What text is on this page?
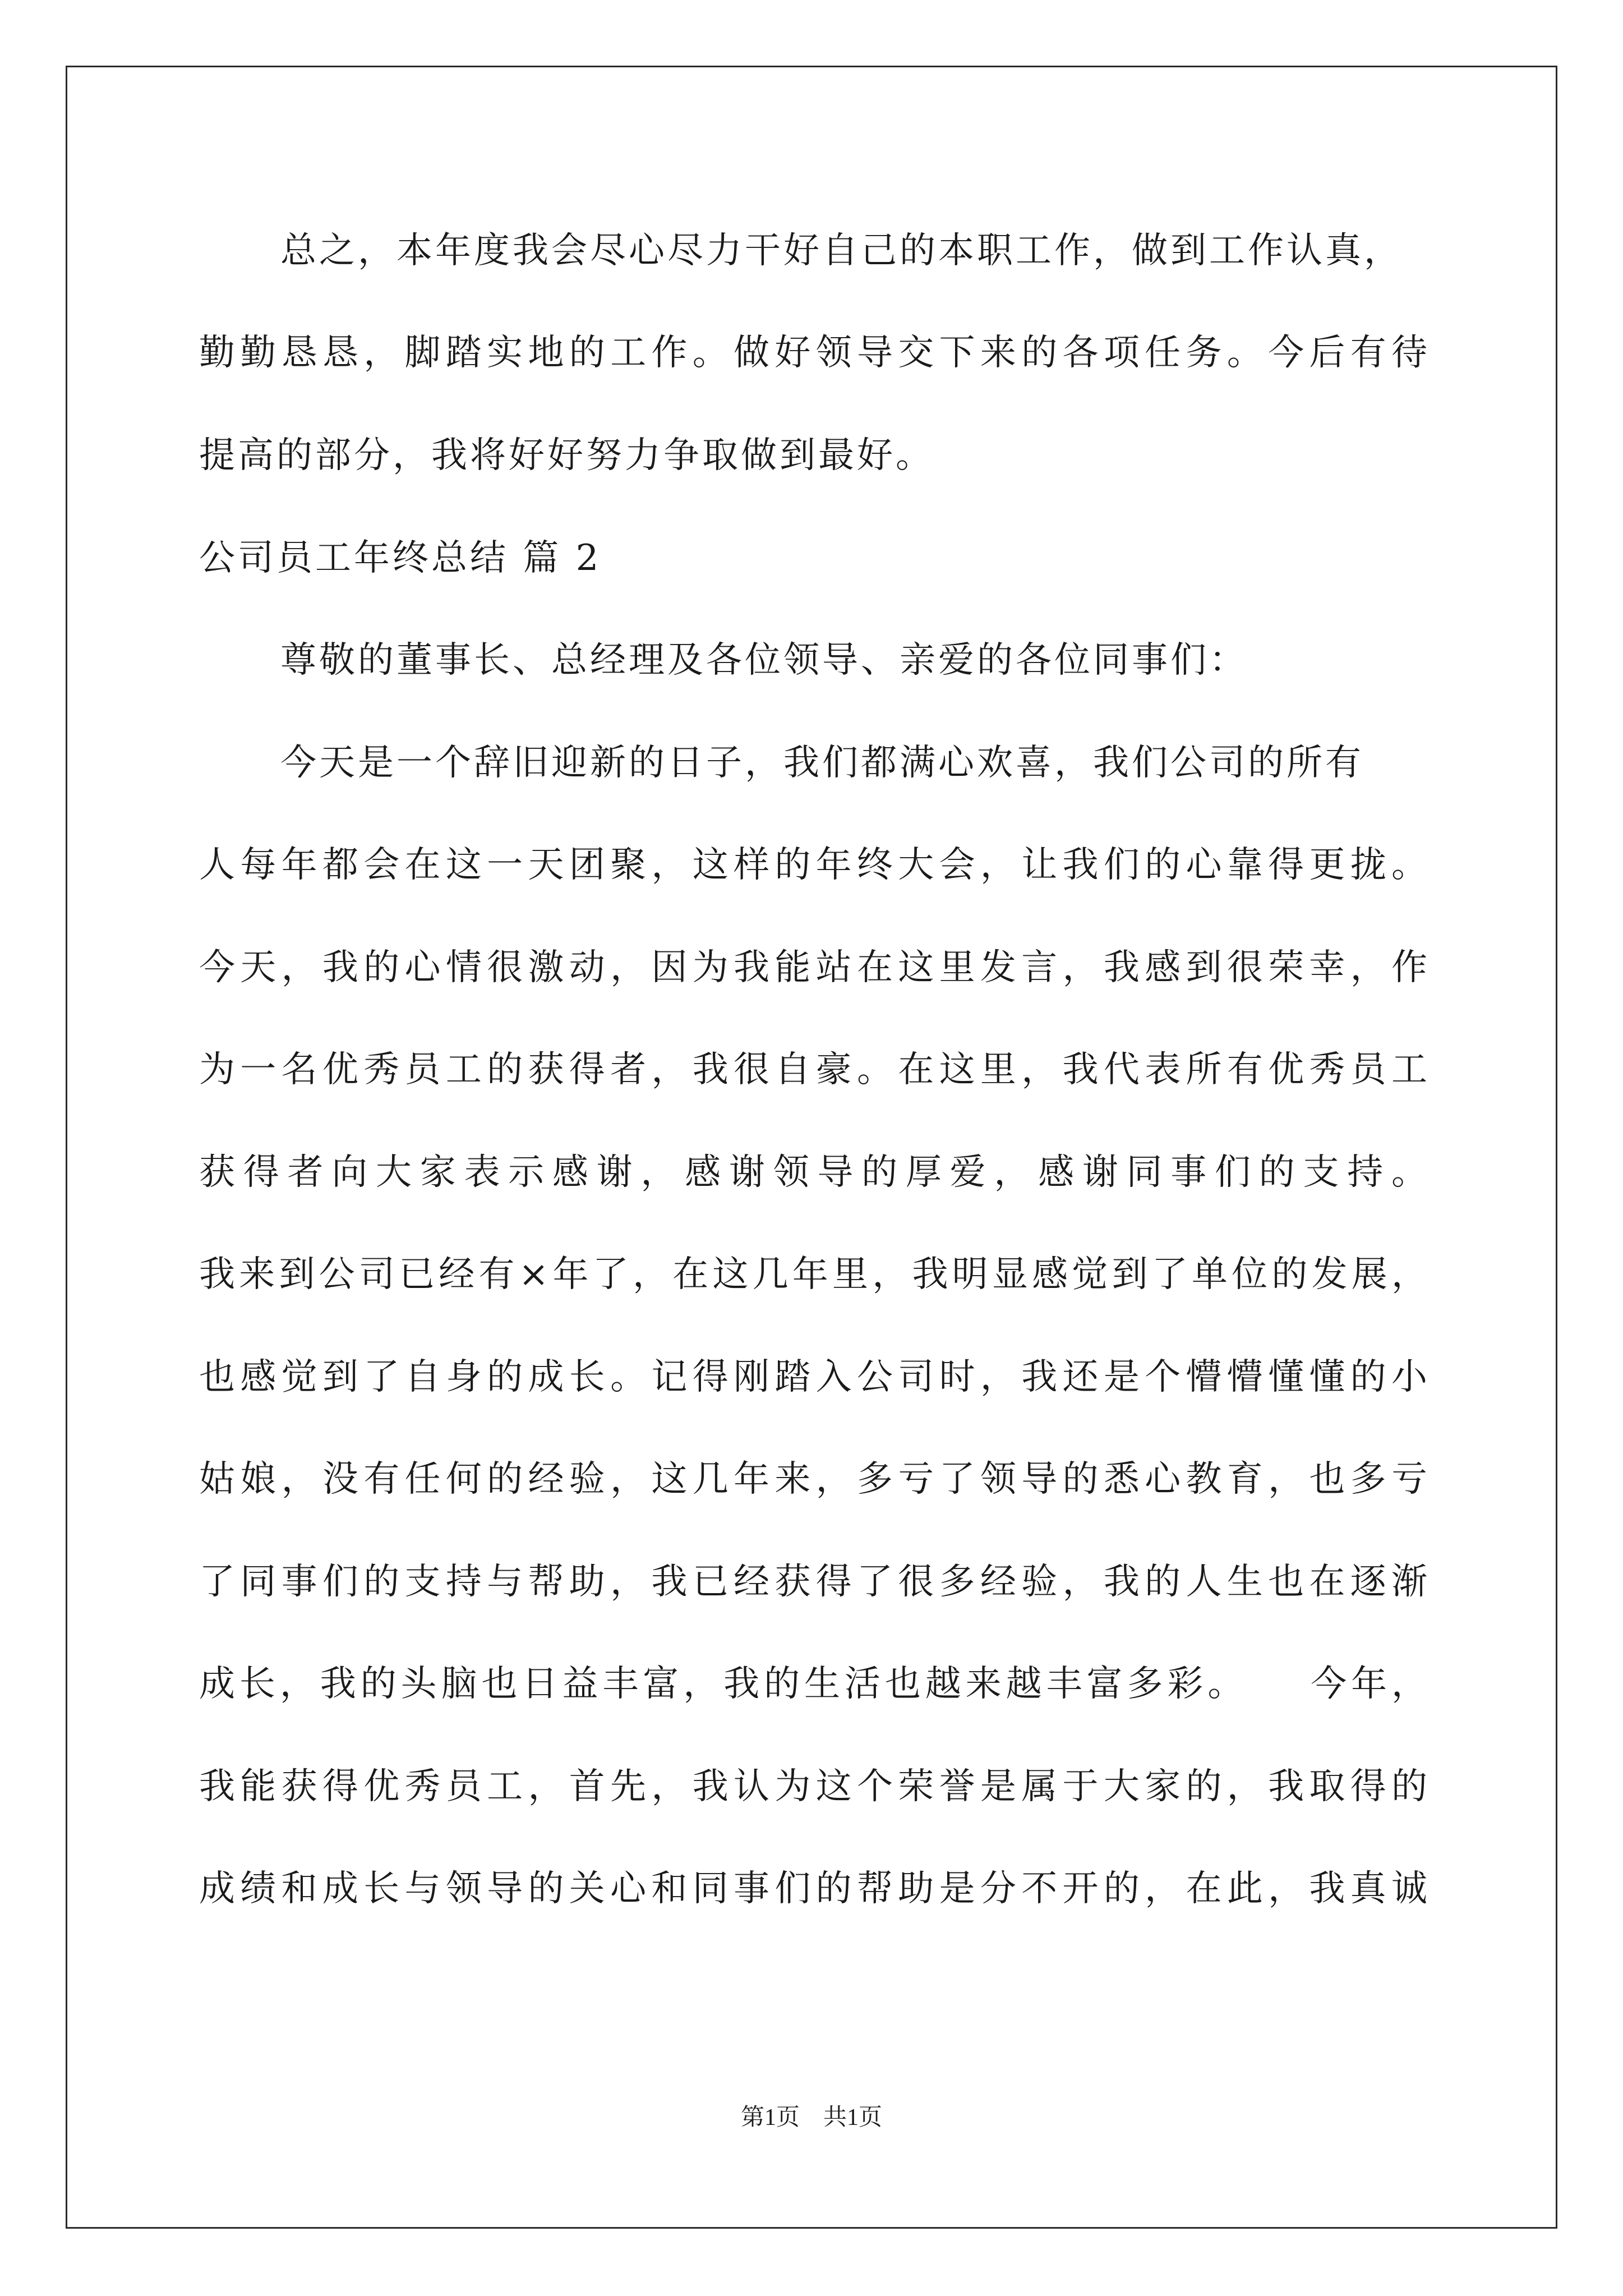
总之，本年度我会尽心尽力干好自己的本职工作，做到工作认真，
勤勤恳恳，脚踏实地的工作。做好领导交下来的各项任务。今后有待
提高的部分，我将好好努力争取做到最好。
公司员工年终总结 篇 2
尊敬的董事长、总经理及各位领导、亲爱的各位同事们：
今天是一个辞旧迎新的日子，我们都满心欢喜，我们公司的所有
人每年都会在这一天团聚，这样的年终大会，让我们的心靠得更拢。
今天，我的心情很激动，因为我能站在这里发言，我感到很荣幸，作
为一名优秀员工的获得者，我很自豪。在这里，我代表所有优秀员工
获得者向大家表示感谢，感谢领导的厚爱，感谢同事们的支持。
我来到公司已经有×年了，在这几年里，我明显感觉到了单位的发展，
也感觉到了自身的成长。记得刚踏入公司时，我还是个懵懵懂懂的小
姑娘，没有任何的经验，这几年来，多亏了领导的悉心教育，也多亏
了同事们的支持与帮助，我已经获得了很多经验，我的人生也在逐渐
成长，我的头脑也日益丰富，我的生活也越来越丰富多彩。　　今年，
我能获得优秀员工，首先，我认为这个荣誉是属于大家的，我取得的
成绩和成长与领导的关心和同事们的帮助是分不开的，在此，我真诚
第1页　共1页
